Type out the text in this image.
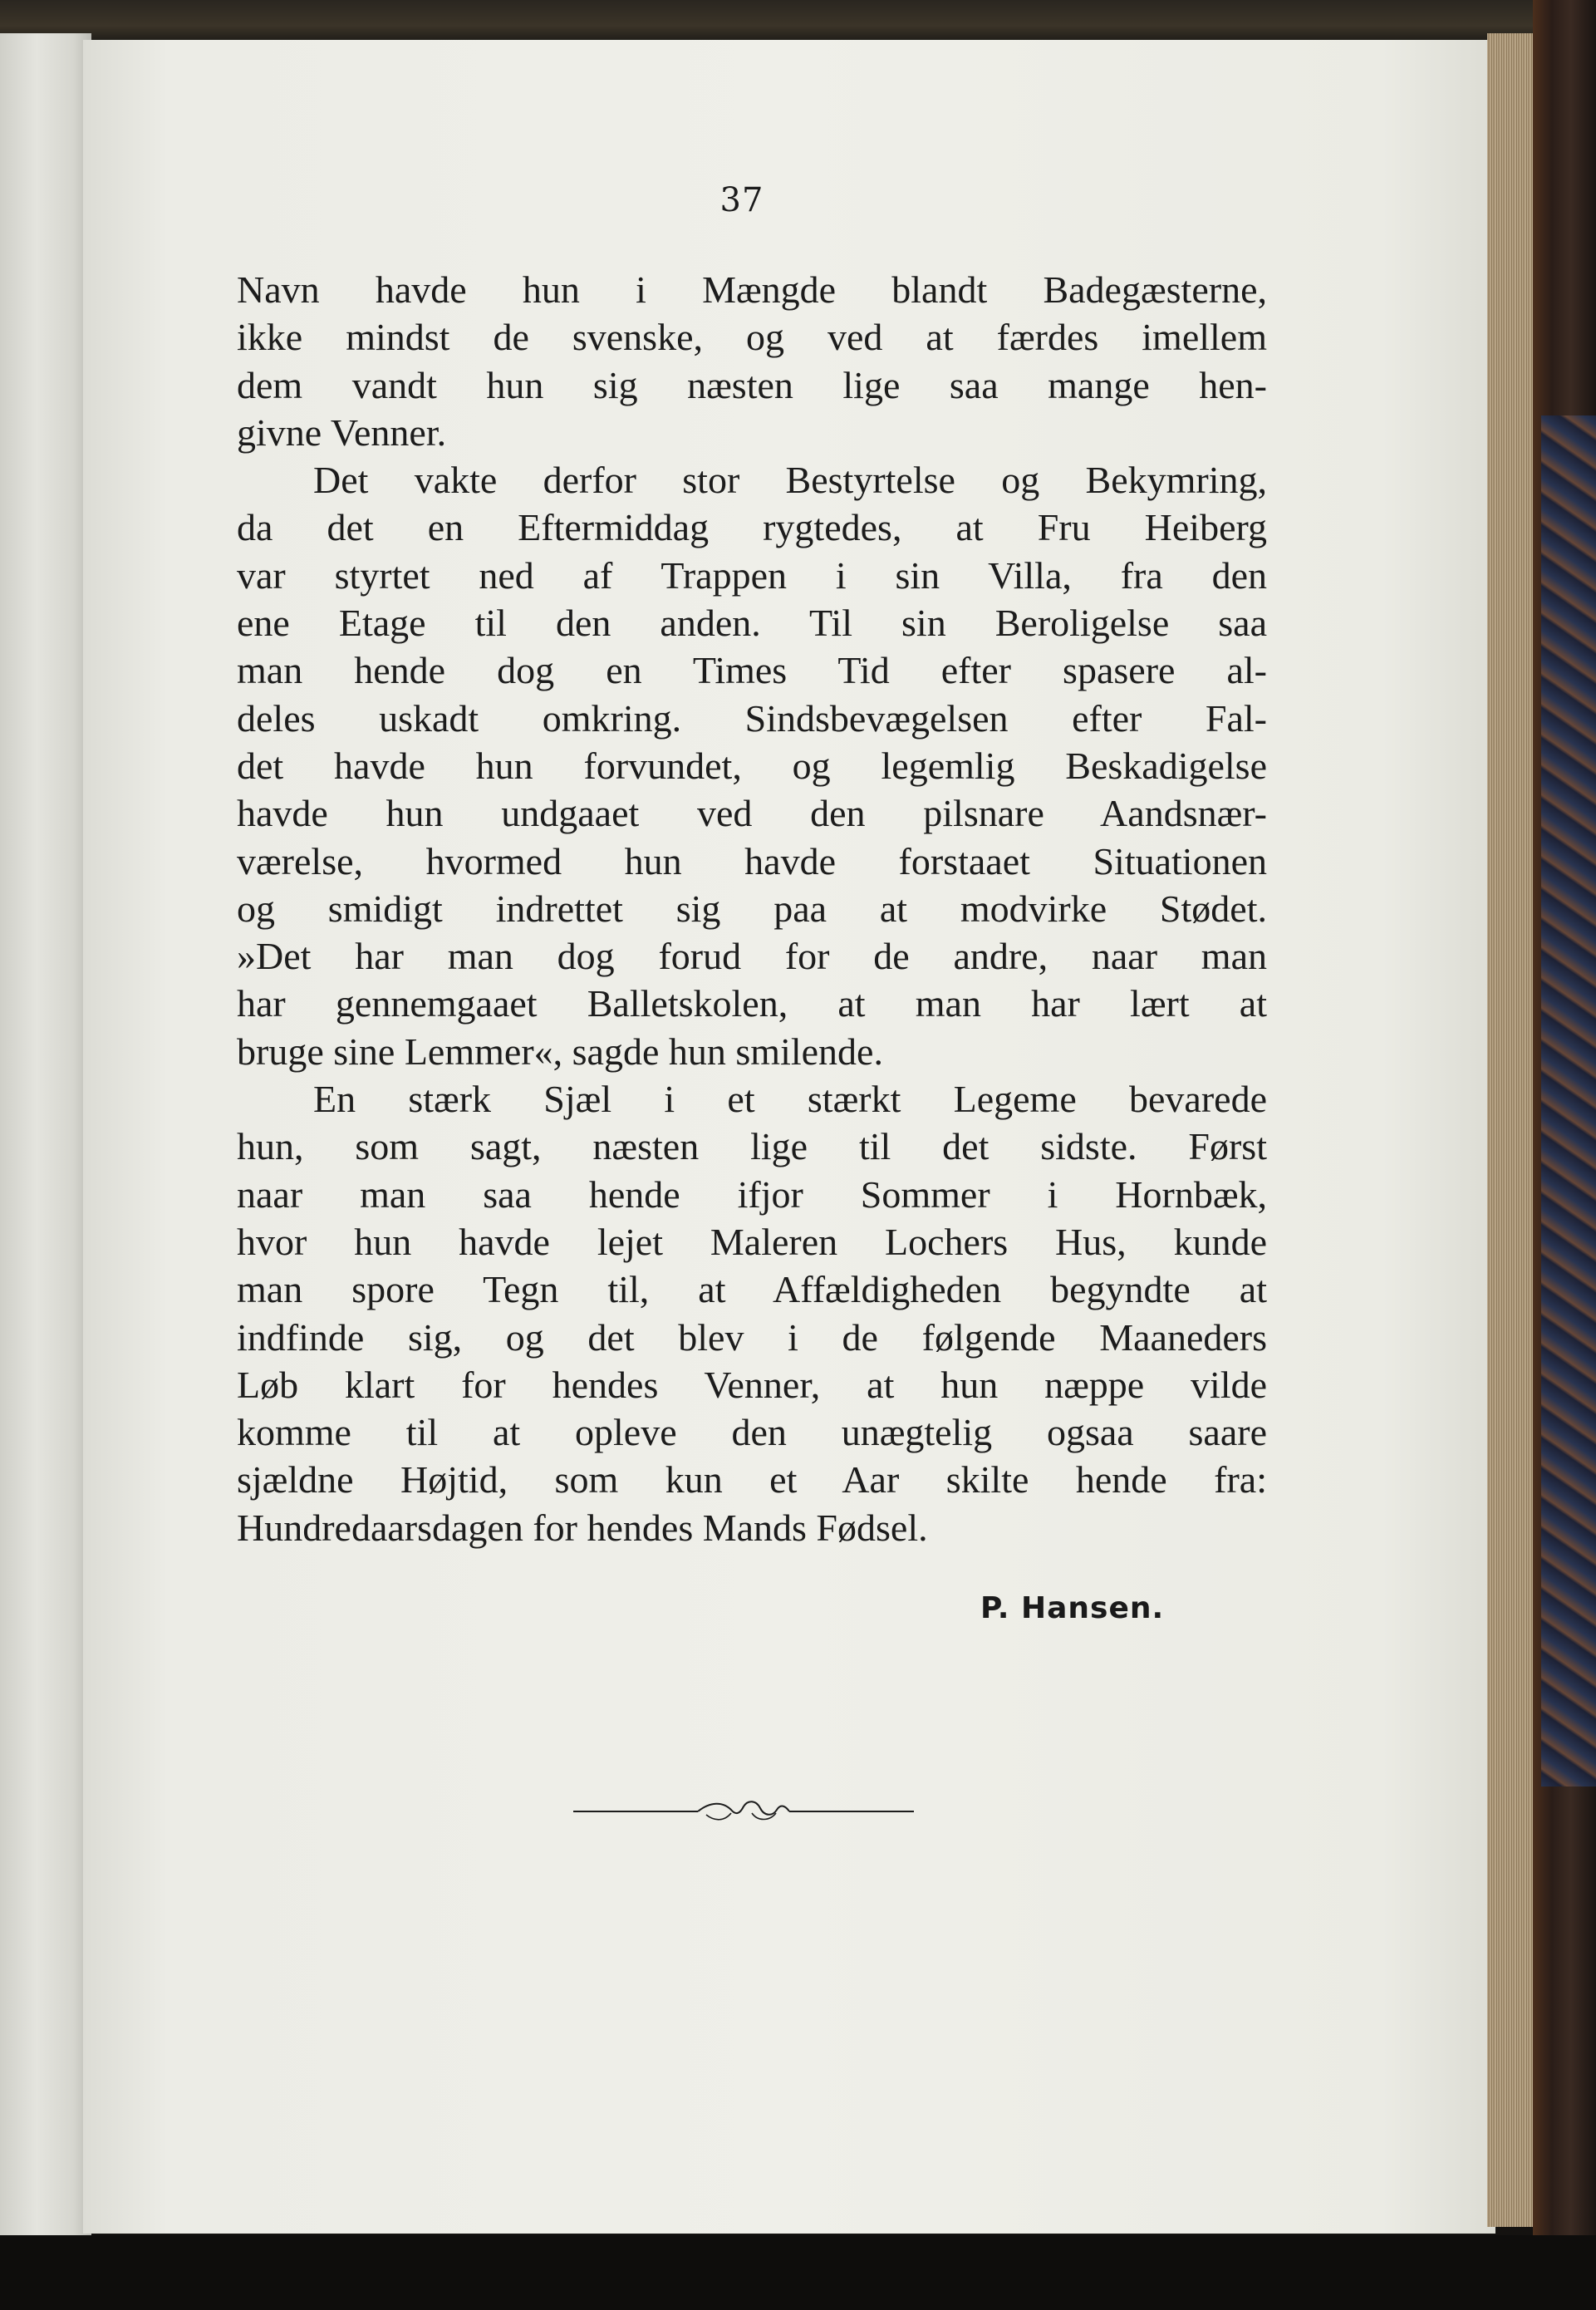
37
Navn havde hun i Mængde blandt Badegæsterne,
ikke mindst de svenske, og ved at færdes imellem
dem vandt hun sig næsten lige saa mange hen-
givne Venner.
Det vakte derfor stor Bestyrtelse og Bekymring,
da det en Eftermiddag rygtedes, at Fru Heiberg
var styrtet ned af Trappen i sin Villa, fra den
ene Etage til den anden. Til sin Beroligelse saa
man hende dog en Times Tid efter spasere al-
deles uskadt omkring. Sindsbevægelsen efter Fal-
det havde hun forvundet, og legemlig Beskadigelse
havde hun undgaaet ved den pilsnare Aandsnær-
værelse, hvormed hun havde forstaaet Situationen
og smidigt indrettet sig paa at modvirke Stødet.
»Det har man dog forud for de andre, naar man
har gennemgaaet Balletskolen, at man har lært at
bruge sine Lemmer«, sagde hun smilende.
En stærk Sjæl i et stærkt Legeme bevarede
hun, som sagt, næsten lige til det sidste. Først
naar man saa hende ifjor Sommer i Hornbæk,
hvor hun havde lejet Maleren Lochers Hus, kunde
man spore Tegn til, at Affældigheden begyndte at
indfinde sig, og det blev i de følgende Maaneders
Løb klart for hendes Venner, at hun næppe vilde
komme til at opleve den unægtelig ogsaa saare
sjældne Højtid, som kun et Aar skilte hende fra:
Hundredaarsdagen for hendes Mands Fødsel.
P. Hansen.
